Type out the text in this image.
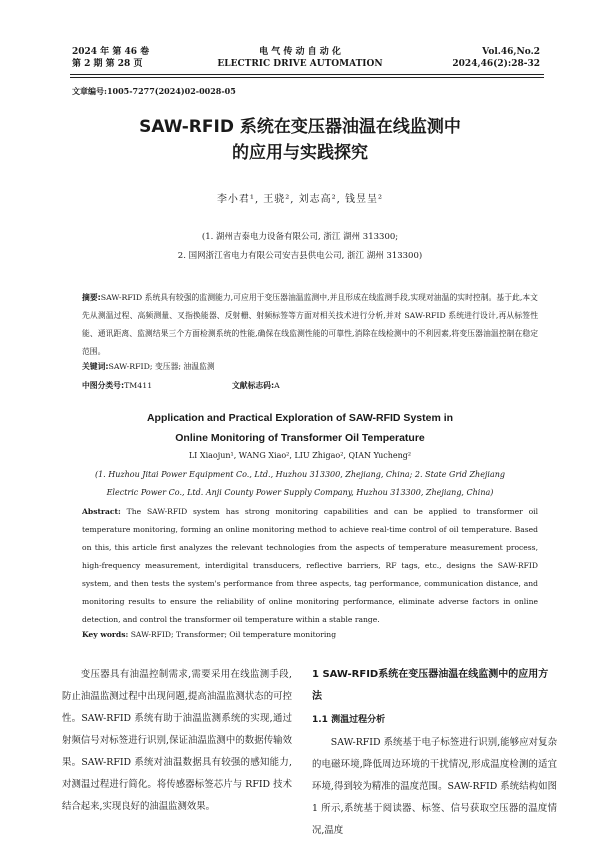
2024 年 第 46 卷
第 2 期 第 28 页
电 气 传 动 自 动 化
ELECTRIC DRIVE AUTOMATION
Vol.46,No.2
2024,46(2):28-32
文章编号:1005-7277(2024)02-0028-05
SAW-RFID 系统在变压器油温在线监测中
的应用与实践探究
李小君¹, 王骁², 刘志高², 钱昱呈²
(1. 湖州吉泰电力设备有限公司, 浙江 湖州 313300;
2. 国网浙江省电力有限公司安吉县供电公司, 浙江 湖州 313300)
摘要:SAW-RFID 系统具有较强的监测能力,可应用于变压器油温监测中,并且形成在线监测手段,实现对油温的实时控制。基于此,本文先从测温过程、高频测量、叉指换能器、反射栅、射频标签等方面对相关技术进行分析,并对 SAW-RFID 系统进行设计,再从标签性能、通讯距离、监测结果三个方面检测系统的性能,确保在线监测性能的可靠性,消除在线检测中的不利因素,将变压器油温控制在稳定范围。
关键词:SAW-RFID; 变压器; 油温监测
中图分类号:TM411	文献标志码:A
Application and Practical Exploration of SAW-RFID System in
Online Monitoring of Transformer Oil Temperature
LI Xiaojun¹, WANG Xiao², LIU Zhigao², QIAN Yucheng²
(1. Huzhou Jitai Power Equipment Co., Ltd., Huzhou 313300, Zhejiang, China; 2. State Grid Zhejiang Electric Power Co., Ltd. Anji County Power Supply Company, Huzhou 313300, Zhejiang, China)
Abstract: The SAW-RFID system has strong monitoring capabilities and can be applied to transformer oil temperature monitoring, forming an online monitoring method to achieve real-time control of oil temperature. Based on this, this article first analyzes the relevant technologies from the aspects of temperature measurement process, high-frequency measurement, interdigital transducers, reflective barriers, RF tags, etc., designs the SAW-RFID system, and then tests the system's performance from three aspects, tag performance, communication distance, and monitoring results to ensure the reliability of online monitoring performance, eliminate adverse factors in online detection, and control the transformer oil temperature within a stable range.
Key words: SAW-RFID; Transformer; Oil temperature monitoring
变压器具有油温控制需求,需要采用在线监测手段,防止油温监测过程中出现问题,提高油温监测状态的可控性。SAW-RFID 系统有助于油温监测系统的实现,通过射频信号对标签进行识别,保证油温监测中的数据传输效果。SAW-RFID 系统对油温数据具有较强的感知能力,对测温过程进行简化。将传感器标签芯片与 RFID 技术结合起来,实现良好的油温监测效果。
1 SAW-RFID系统在变压器油温在线监测中的应用方法
1.1 测温过程分析
SAW-RFID 系统基于电子标签进行识别,能够应对复杂的电磁环境,降低周边环境的干扰情况,形成温度检测的适宜环境,得到较为精准的温度范围。SAW-RFID 系统结构如图 1 所示,系统基于阅读器、标签、信号获取空压器的温度情况,温度
